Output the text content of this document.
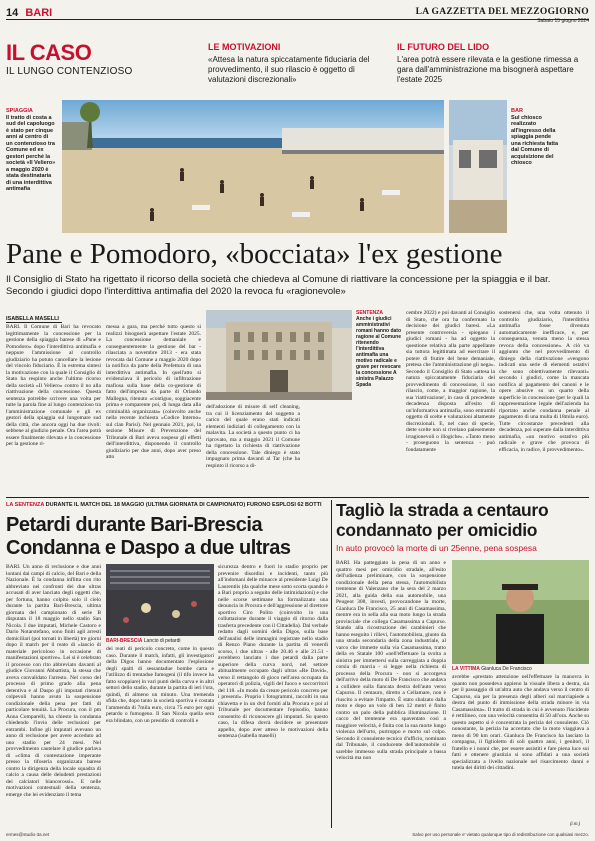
14 BARI	LA GAZZETTA DEL MEZZOGIORNO
Sabato 15 giugno 2024
IL CASO
IL LUNGO CONTENZIOSO
LE MOTIVAZIONI
«Attesa la natura spiccatamente fiduciaria del provvedimento, il suo rilascio è oggetto di valutazioni discrezionali»
IL FUTURO DEL LIDO
L'area potrà essere rilevata e la gestione rimessa a gara dall'amministrazione ma bisognerà aspettare l'estate 2025
SPIAGGIA
Il tratto di costa a sud del capoluogo è stato per cinque anni al centro di un contenzioso tra Comune ed ex gestori perché la società «Il Veliero» a maggio 2020 è stata destinataria di una interdittiva antimafia
BAR
Sul chiosco realizzato all'ingresso della spiaggia pende una richiesta fatta dal Comune di acquisizione del chiosco
Pane e Pomodoro, «bocciata» l'ex gestione
Il Consiglio di Stato ha rigettato il ricorso della società che chiedeva al Comune di riattivare la concessione per la spiaggia e il bar. Secondo i giudici dopo l'interdittiva antimafia del 2020 la revoca fu «ragionevole»
ISABELLA MASELLI
BARI. Il Comune di Bari ha revocato legittimamente la concessione per la gestione della spiaggia barese di «Pane e Pomodoro» dopo l'interdittiva antimafia e neppure l'ammissione al controllo giudiziario ha potuto cancellare la lesione del vincolo fiduciario. È in estrema sintesi la motivazione con la quale il Consiglio di Stato ha respinto anche l'ultimo ricorso della società «Il Veliero» contro il no alla riattivazione della concessione. Questa sentenza potrebbe scrivere una volta per tutte la parola fine al lungo contenzioso tra l'amministrazione comunale e gli ex gestori della spiaggia sul lungomare sud della città, che ancora oggi ha due rivoli: sebbene al giudizio penale. Ora l'area potrà essere finalmente rilevata e la concessione per la gestione ri-
messa a gara, ma perché tutto questo si realizzi bisognerà aspettare l'estate 2025. La concessione demaniale e conseguentemente la gestione del bar - rilasciata a novembre 2013 - era stata revocata dal Comune a maggio 2020 dopo la notifica da parte della Prefettura di una interdittiva antimafia. In quell'atto si evidenziava il pericolo di infiltrazione mafiosa sulla base della co-gestione di fatto dell'impresa da parte di Orlando Mallegna, ritenuto «contiguo, soggiacente prima e comparente poi, di lunga data alla criminalità organizzata» (coinvolto anche nella recente inchiesta «Codice Interno» sul clan Parisi). Nel gennaio 2021, poi, la sezione Misure di Prevenzione del Tribunale di Bari aveva sospeso gli effetti dell'interdittiva, disponendo il controllo giudiziario per due anni, dopo aver preso atto
dell'adozione di misure di self cleaning, tra cui il licenziamento del soggetto a carico del quale erano stati indicati elementi indiziari di collegamento con la malavita. La società a questo punto ci ha riprovato, ma a maggio 2021 il Comune ha rigettato la richiesta di riattivazione della concessione. Tale diniego è stato impugnato prima davanti al Tar (che ha respinto il ricorso a di-
SENTENZA
Anche i giudici amministrativi romani hanno dato ragione al Comune ritenendo l'interdittiva antimafia una motivo radicale e grave per revocare la concessione A sinistra Palazzo Spada
cembre 2022) e poi davanti al Consiglio di Stato, che ora ha confermato la decisione dei giudici baresi. «La presente controversia - spiegano i giudici romani - ha ad oggetto la questione relativa alla parte appellante sia tuttora legittimata ad esercitare il potere di frutire del bene demaniale, pretesa che l'amministrazione gli nega». Secondo il Consiglio di Stato «attesa la natura spiccatamente fiduciaria del provvedimento di concessione, il suo rilascio, come, a maggior ragione, la sua 'riattivazione', in caso di precedente decadenza disposta all'esito di un'informativa antimafia, sono entrambi oggetto di scelte e valutazioni altamente discrezionali. E, nel caso di specie, dette scelte non si rivelano palesemente irragionevoli o illogiche». «Tanto meno - proseguono la sentenza - può fondatamente
sostenersi che, una volta ottenuto il controllo giudiziario, l'interdittiva antimafia fosse divenuta automaticamente inefficace, e, per conseguenza, venuta meno la stessa revoca della concessione». A ciò va aggiunto che nel provvedimento di diniego della riattivazione «vengono indicati una serie di elementi ostativi che sono obiettivamente rilevanti» secondo i giudici, come la mancata notifica al pagamento dei canoni e le opere abusive su un quarto della superficie in concessione (per le quali la rappresentazione legale dell'azienda ha riportato anche condanna penale al pagamento di una multa di 18mila euro). Tutte circostanze precedenti alla decadenza, poi superate dalla interdittiva antimafia, «un motivo ostativo più radicale e grave che provoca di efficacia, in radice, il provvedimento».
LA SENTENZA DURANTE IL MATCH DEL 18 MAGGIO (ULTIMA GIORNATA DI CAMPIONATO) FURONO ESPLOSI 62 BOTTI
Petardi durante Bari-Brescia
Condanna e Daspo a due ultras
BARI. Un anno di reclusione e due anni lontani dai campi di calcio, del Bari e della Nazionale. È la condanna inflitta con rito abbreviato nei confronti dei due ultras accusati di aver lanciato degli oggetti che, per fortuna, hanno colpito solo il cielo durante la partita Bari-Brescia, ultima giornata del campionato di serie B disputata il 18 maggio nello stadio San Nicola. I due imputati, Michele Castoro e Dario Notarstefano, sono finiti agli arresti domiciliari (poi tornati in libertà) tre giorni dopo il match per il reato di «lancio di materiale pericoloso in occasione di manifestazioni sportive». Lei si è celebrato il processo con rito abbreviato davanti al giudice Giovanni Abbattista, la stessa che aveva convalidato l'arresto. Nel corso del processo di primo grado alla pena detentiva e al Daspo gli imputati ritenuti colpevoli hanno avuto la sospensione condizionale della pena per fatti di particolare tenuità. La Procura, con il pm Anna Comparelli, ha chiesto la condanna chiedendo l'invio delle reclusioni per entrambi. Infine gli imputati avevano un anno di reclusione per avere acceduto ad uno stadio per 24 mesi. Nel provvedimento cautelare il giudice parlava di «clima di contestazione imperante presso la tifoseria organizzata barese contro la dirigenza della locale squadra di calcio a causa delle deludenti prestazioni dei calciatori biancorossi». E nelle motivazioni contestuali della sentenza, emerge che lei evidenziato il tema
BARI-BRESCIA Lancio di petardi
dei reati di pericolo concreto, come in questo caso. Durante il match, infatti, gli investigatori della Digos hanno documentato l'esplosione degli spalti di sessantadue bombe carta e l'utilizzo di trentadue fumogeni (il tifo invece ha fatto scoppiare) in vari punti della curva e in altri settori dello stadio, durante la partita di ieri l'ora, quindi, di almeno un minuto. Una tremenda sfida che, dopo tanto la società sportiva è costata l'ammenda di 7mila euro, circa 75 euro per ogni petardo o fumogeno. Il San Nicola quella sera era blindato, con un presidio di controlli e
sicurezza dentro e fuori lo stadio proprio per prevenire disordini e incidenti, tanto più all'indomani delle minacce al presidente Luigi De Laurentiis (da qualche mese sotto scorta quando è a Bari proprio a seguito delle intimidazioni) e che nelle scorse settimane ha formalizzato una denuncia in Procura e dell'aggressione al direttore sportivo Ciro Polito (coinvolto in una colluttazione durante il viaggio di ritorno dalla trasferta precedente con il Cittadella). Dal verbale redatto dagli uomini della Digos, sulla base dell'analisi delle immagini registrate nello stadio di Renzo Piano durante la partita di venerdì scorso, i due ultras - alle 20.46 e alle 21.51 - avrebbero lanciato i due petardi dalla parte superiore della curva nord, nel settore abitualmente occupato dagli ultras «Re David», verso il rettangolo di gioco nell'area occupata da operatori di polizia, vigili del fuoco e soccorritori del 118. «In modo da creare pericolo concreto per i presenti». Proprio i fotogrammi, raccolti in una chiavetta e in un dvd forniti alla Procura e poi al Tribunale per documentare l'episodio, hanno consentito di riconoscere gli imputati. Su questo caso, la difesa dovrà decidere se presentare appello, dopo aver atteso le motivazioni della sentenza (isabella maselli)
Tagliò la strada a centauro
condannato per omicidio
In auto provocò la morte di un 25enne, pena sospesa
BARI. Ha patteggiato la pena di un anno e quattro mesi per omicidio stradale, all'esito dell'udienza preliminare, con la sospensione condizionale della pena stessa, l'automobilista trentenne di Valenzano che la sera del 2 marzo 2021, alla guida della sua automobile, una Peugeot 308, investì, provocandone la morte, Gianluca De Francisco, 25 anni di Casamassima, mentre era in sella alla sua moto lungo la strada provinciale che collega Casamassima a Capurso. Stando alla ricostruzione dei carabinieri che hanno eseguito i rilievi, l'automobilista, giunto da una strada secondaria della zona industriale, al varco che immette sulla via Casamassima, tratto della ex Statale 100 «nell'effettuare la svolta a sinistra per immettersi sulla carreggiata a doppia corsia di marcia - si legge nella richiesta di processo della Procura - non si accorgeva dell'arrivo della moto di De Francisco che andava a collidere sulla fiancata destra dell'auto verso Capurso. Il centauro, diretto a Cellamare, non è riuscito a evitare l'impatto. È stato sbalzato dalla moto e dopo un volo di ben 12 metri è finito contro un palo della pubblica illuminazione. Il cacco del trentenne era spaventato così a maggiore velocità, è finita con la sua morte lungo violenza dell'urto, purtroppo e morto sul colpo. Secondo il consulente tecnico d'ufficio, nominato dal Tribunale, il conducente dell'automobile si sarebbe immesso sulla strada principale a bassa velocità ma non
LA VITTIMA Gianluca De Francisco
avrebbe «prestato attenzione nell'effettuare la manovra in quanto non possedeva appieno la visuale libera a destra, sia per il passaggio di un'altra auto che andava verso il centro di Capurso, sia per la presenza degli alberi sul marciapiede a destra del punto di immissione della strada minore in via Casamassima». Il tratto di strada in cui è avvenuto l'incidente è rettilineo, con una velocità consentita di 50 all'ora. Anche su questo aspetto si è concentrata la perizia del consulente. Ciò nonostante, la perizia ha accertato che la moto viaggiava a meno di 90 km orari. Gianluca De Francisco ha lasciato la compagna, il figlioletto di soli quattro anni, i genitori, il fratello e i nonni che, per essere assistiti e fare piena luce sui fatti e ottenere giustizia si sono affidati a una società specializzata a livello nazionale nel risarcimento danni e tutela dei diritti dei cittadini.
(i.m.)
ermes@studio-3a.net	Salvo per uso personale e' vietato qualunque tipo di redistribuzione con qualsiasi mezzo.
